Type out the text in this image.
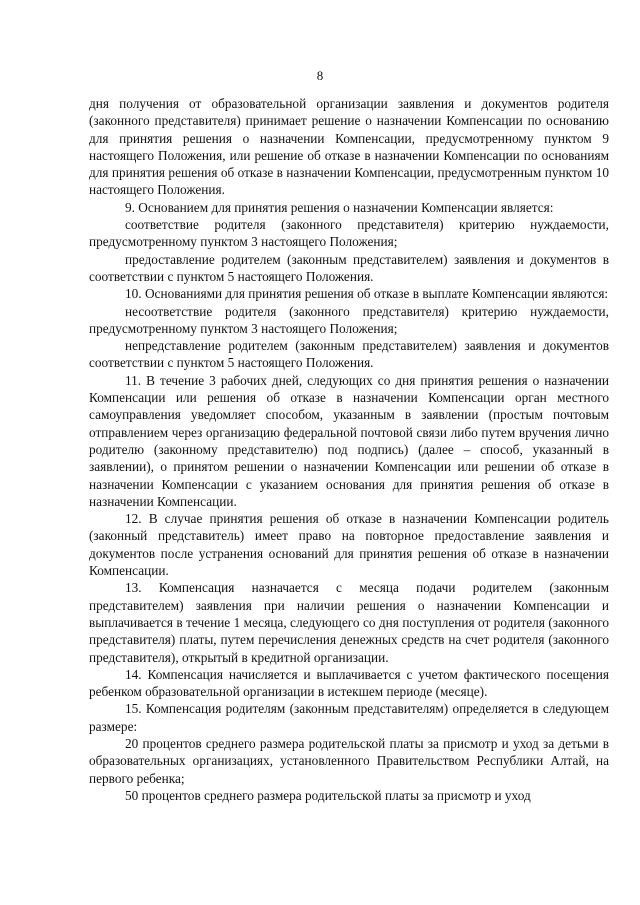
8

дня получения от образовательной организации заявления и документов родителя (законного представителя) принимает решение о назначении Компенсации по основанию для принятия решения о назначении Компенсации, предусмотренному пунктом 9 настоящего Положения, или решение об отказе в назначении Компенсации по основаниям для принятия решения об отказе в назначении Компенсации, предусмотренным пунктом 10 настоящего Положения.

9. Основанием для принятия решения о назначении Компенсации является:

соответствие родителя (законного представителя) критерию нуждаемости, предусмотренному пунктом 3 настоящего Положения;

предоставление родителем (законным представителем) заявления и документов в соответствии с пунктом 5 настоящего Положения.

10. Основаниями для принятия решения об отказе в выплате Компенсации являются:

несоответствие родителя (законного представителя) критерию нуждаемости, предусмотренному пунктом 3 настоящего Положения;

непредставление родителем (законным представителем) заявления и документов соответствии с пунктом 5 настоящего Положения.

11. В течение 3 рабочих дней, следующих со дня принятия решения о назначении Компенсации или решения об отказе в назначении Компенсации орган местного самоуправления уведомляет способом, указанным в заявлении (простым почтовым отправлением через организацию федеральной почтовой связи либо путем вручения лично родителю (законному представителю) под подпись) (далее – способ, указанный в заявлении), о принятом решении о назначении Компенсации или решении об отказе в назначении Компенсации с указанием основания для принятия решения об отказе в назначении Компенсации.

12. В случае принятия решения об отказе в назначении Компенсации родитель (законный представитель) имеет право на повторное предоставление заявления и документов после устранения оснований для принятия решения об отказе в назначении Компенсации.

13. Компенсация назначается с месяца подачи родителем (законным представителем) заявления при наличии решения о назначении Компенсации и выплачивается в течение 1 месяца, следующего со дня поступления от родителя (законного представителя) платы, путем перечисления денежных средств на счет родителя (законного представителя), открытый в кредитной организации.

14. Компенсация начисляется и выплачивается с учетом фактического посещения ребенком образовательной организации в истекшем периоде (месяце).

15. Компенсация родителям (законным представителям) определяется в следующем размере:

20 процентов среднего размера родительской платы за присмотр и уход за детьми в образовательных организациях, установленного Правительством Республики Алтай, на первого ребенка;

50 процентов среднего размера родительской платы за присмотр и уход
